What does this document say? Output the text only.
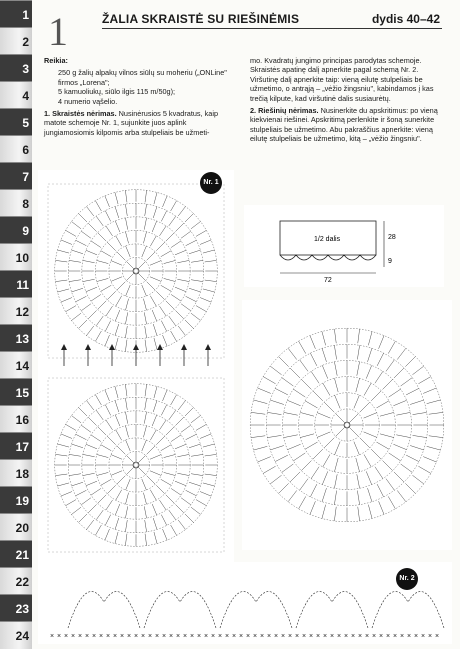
1
2
3
4
5
6
7
8
9
10
11
12
13
14
15
16
17
18
19
20
21
22
23
24
1	ŽALIA SKRAISTĖ SU RIEŠINĖMIS	dydis 40–42

Reikia:

250 g žalių alpakų vilnos siūlų su moheriu („ONLine" firmos „Lorena";
5 kamuoliukų, siūlo ilgis 115 m/50g);
4 numerio vąšelio.

1. Skraistės nėrimas. Nusinėrusios 5 kvadratus, kaip matote schemoje Nr. 1, sujunkite juos aplink jungiamosiomis kilpomis arba stulpeliais be užmeti-

mo. Kvadratų jungimo principas parodytas schemoje. Skraistės apatinę dalį apnerkite pagal schemą Nr. 2. Viršutinę dalį apnerkite taip: vieną eilutę stulpeliais be užmetimo, o antrąją – „vėžio žingsniu", kabindamos į kas trečią kilpute, kad viršutinė dalis susiaurėtų.

2. Riešinių nėrimas. Nusinerkite du apskritimus: po vieną kiekvienai riešinei. Apskritimą perlenkite ir šoną sunerkite stulpeliais be užmetimo. Abu pakraščius apnerkite: vieną eilutę stulpeliais be užmetimo, kitą – „vėžio žingsniu".

Nr. 1
1/2 dalis	28
9
72
× × × × × × × × × × × × × × × × × × × × × × × × × × × × × × × × × × × × × × × × × × × × × × × × × × × × × × × ×
Nr. 2
